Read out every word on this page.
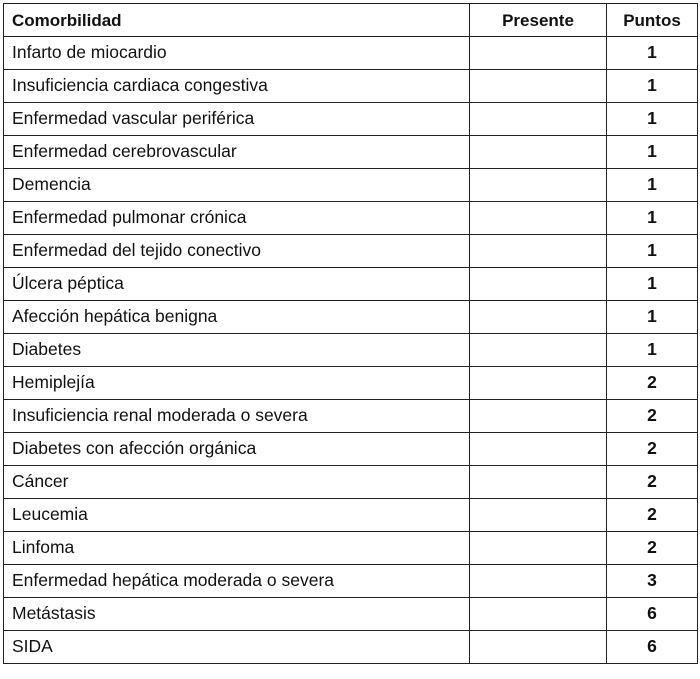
Comorbilidad	Presente	Puntos
Infarto de miocardio		1
Insuficiencia cardiaca congestiva		1
Enfermedad vascular periférica		1
Enfermedad cerebrovascular		1
Demencia		1
Enfermedad pulmonar crónica		1
Enfermedad del tejido conectivo		1
Úlcera péptica		1
Afección hepática benigna		1
Diabetes		1
Hemiplejía		2
Insuficiencia renal moderada o severa		2
Diabetes con afección orgánica		2
Cáncer		2
Leucemia		2
Linfoma		2
Enfermedad hepática moderada o severa		3
Metástasis		6
SIDA		6
